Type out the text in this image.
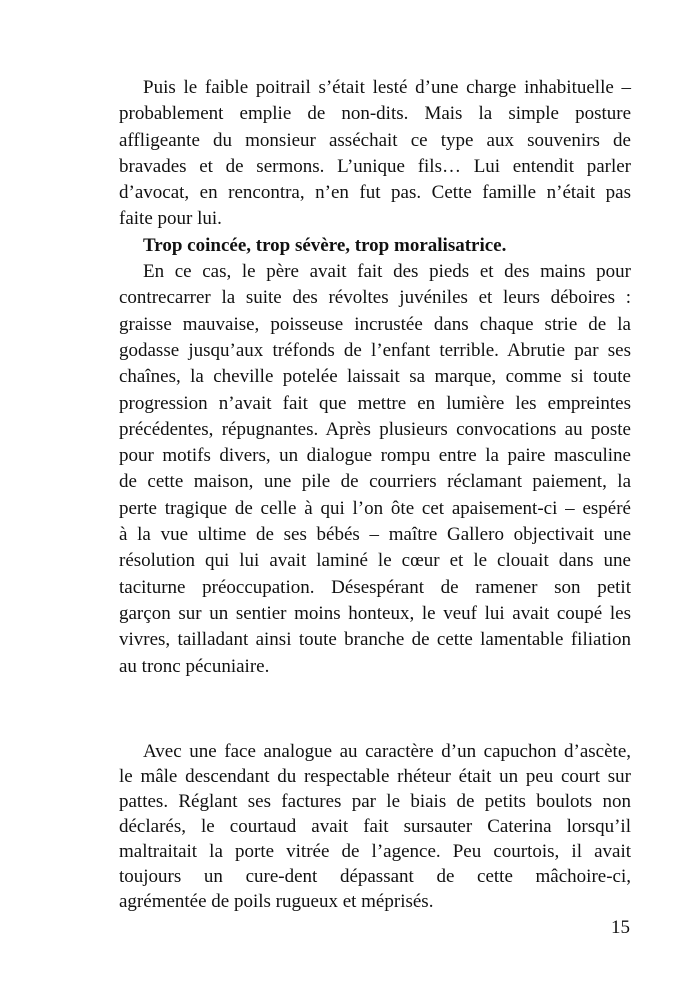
Puis le faible poitrail s’était lesté d’une charge inhabituelle –
probablement emplie de non-dits. Mais la simple posture
affligeante du monsieur asséchait ce type aux souvenirs de
bravades et de sermons. L’unique fils… Lui entendit parler
d’avocat, en rencontra, n’en fut pas. Cette famille n’était pas
faite pour lui.
Trop coincée, trop sévère, trop moralisatrice.
En ce cas, le père avait fait des pieds et des mains pour
contrecarrer la suite des révoltes juvéniles et leurs déboires :
graisse mauvaise, poisseuse incrustée dans chaque strie de la
godasse jusqu’aux tréfonds de l’enfant terrible. Abrutie par ses
chaînes, la cheville potelée laissait sa marque, comme si toute
progression n’avait fait que mettre en lumière les empreintes
précédentes, répugnantes. Après plusieurs convocations au poste
pour motifs divers, un dialogue rompu entre la paire masculine
de cette maison, une pile de courriers réclamant paiement, la
perte tragique de celle à qui l’on ôte cet apaisement-ci – espéré
à la vue ultime de ses bébés – maître Gallero objectivait une
résolution qui lui avait laminé le cœur et le clouait dans une
taciturne préoccupation. Désespérant de ramener son petit
garçon sur un sentier moins honteux, le veuf lui avait coupé les
vivres, tailladant ainsi toute branche de cette lamentable filiation
au tronc pécuniaire.
Avec une face analogue au caractère d’un capuchon d’ascète,
le mâle descendant du respectable rhéteur était un peu court sur
pattes. Réglant ses factures par le biais de petits boulots non
déclarés, le courtaud avait fait sursauter Caterina lorsqu’il
maltraitait la porte vitrée de l’agence. Peu courtois, il avait
toujours un cure-dent dépassant de cette mâchoire-ci,
agrémentée de poils rugueux et méprisés.
15
